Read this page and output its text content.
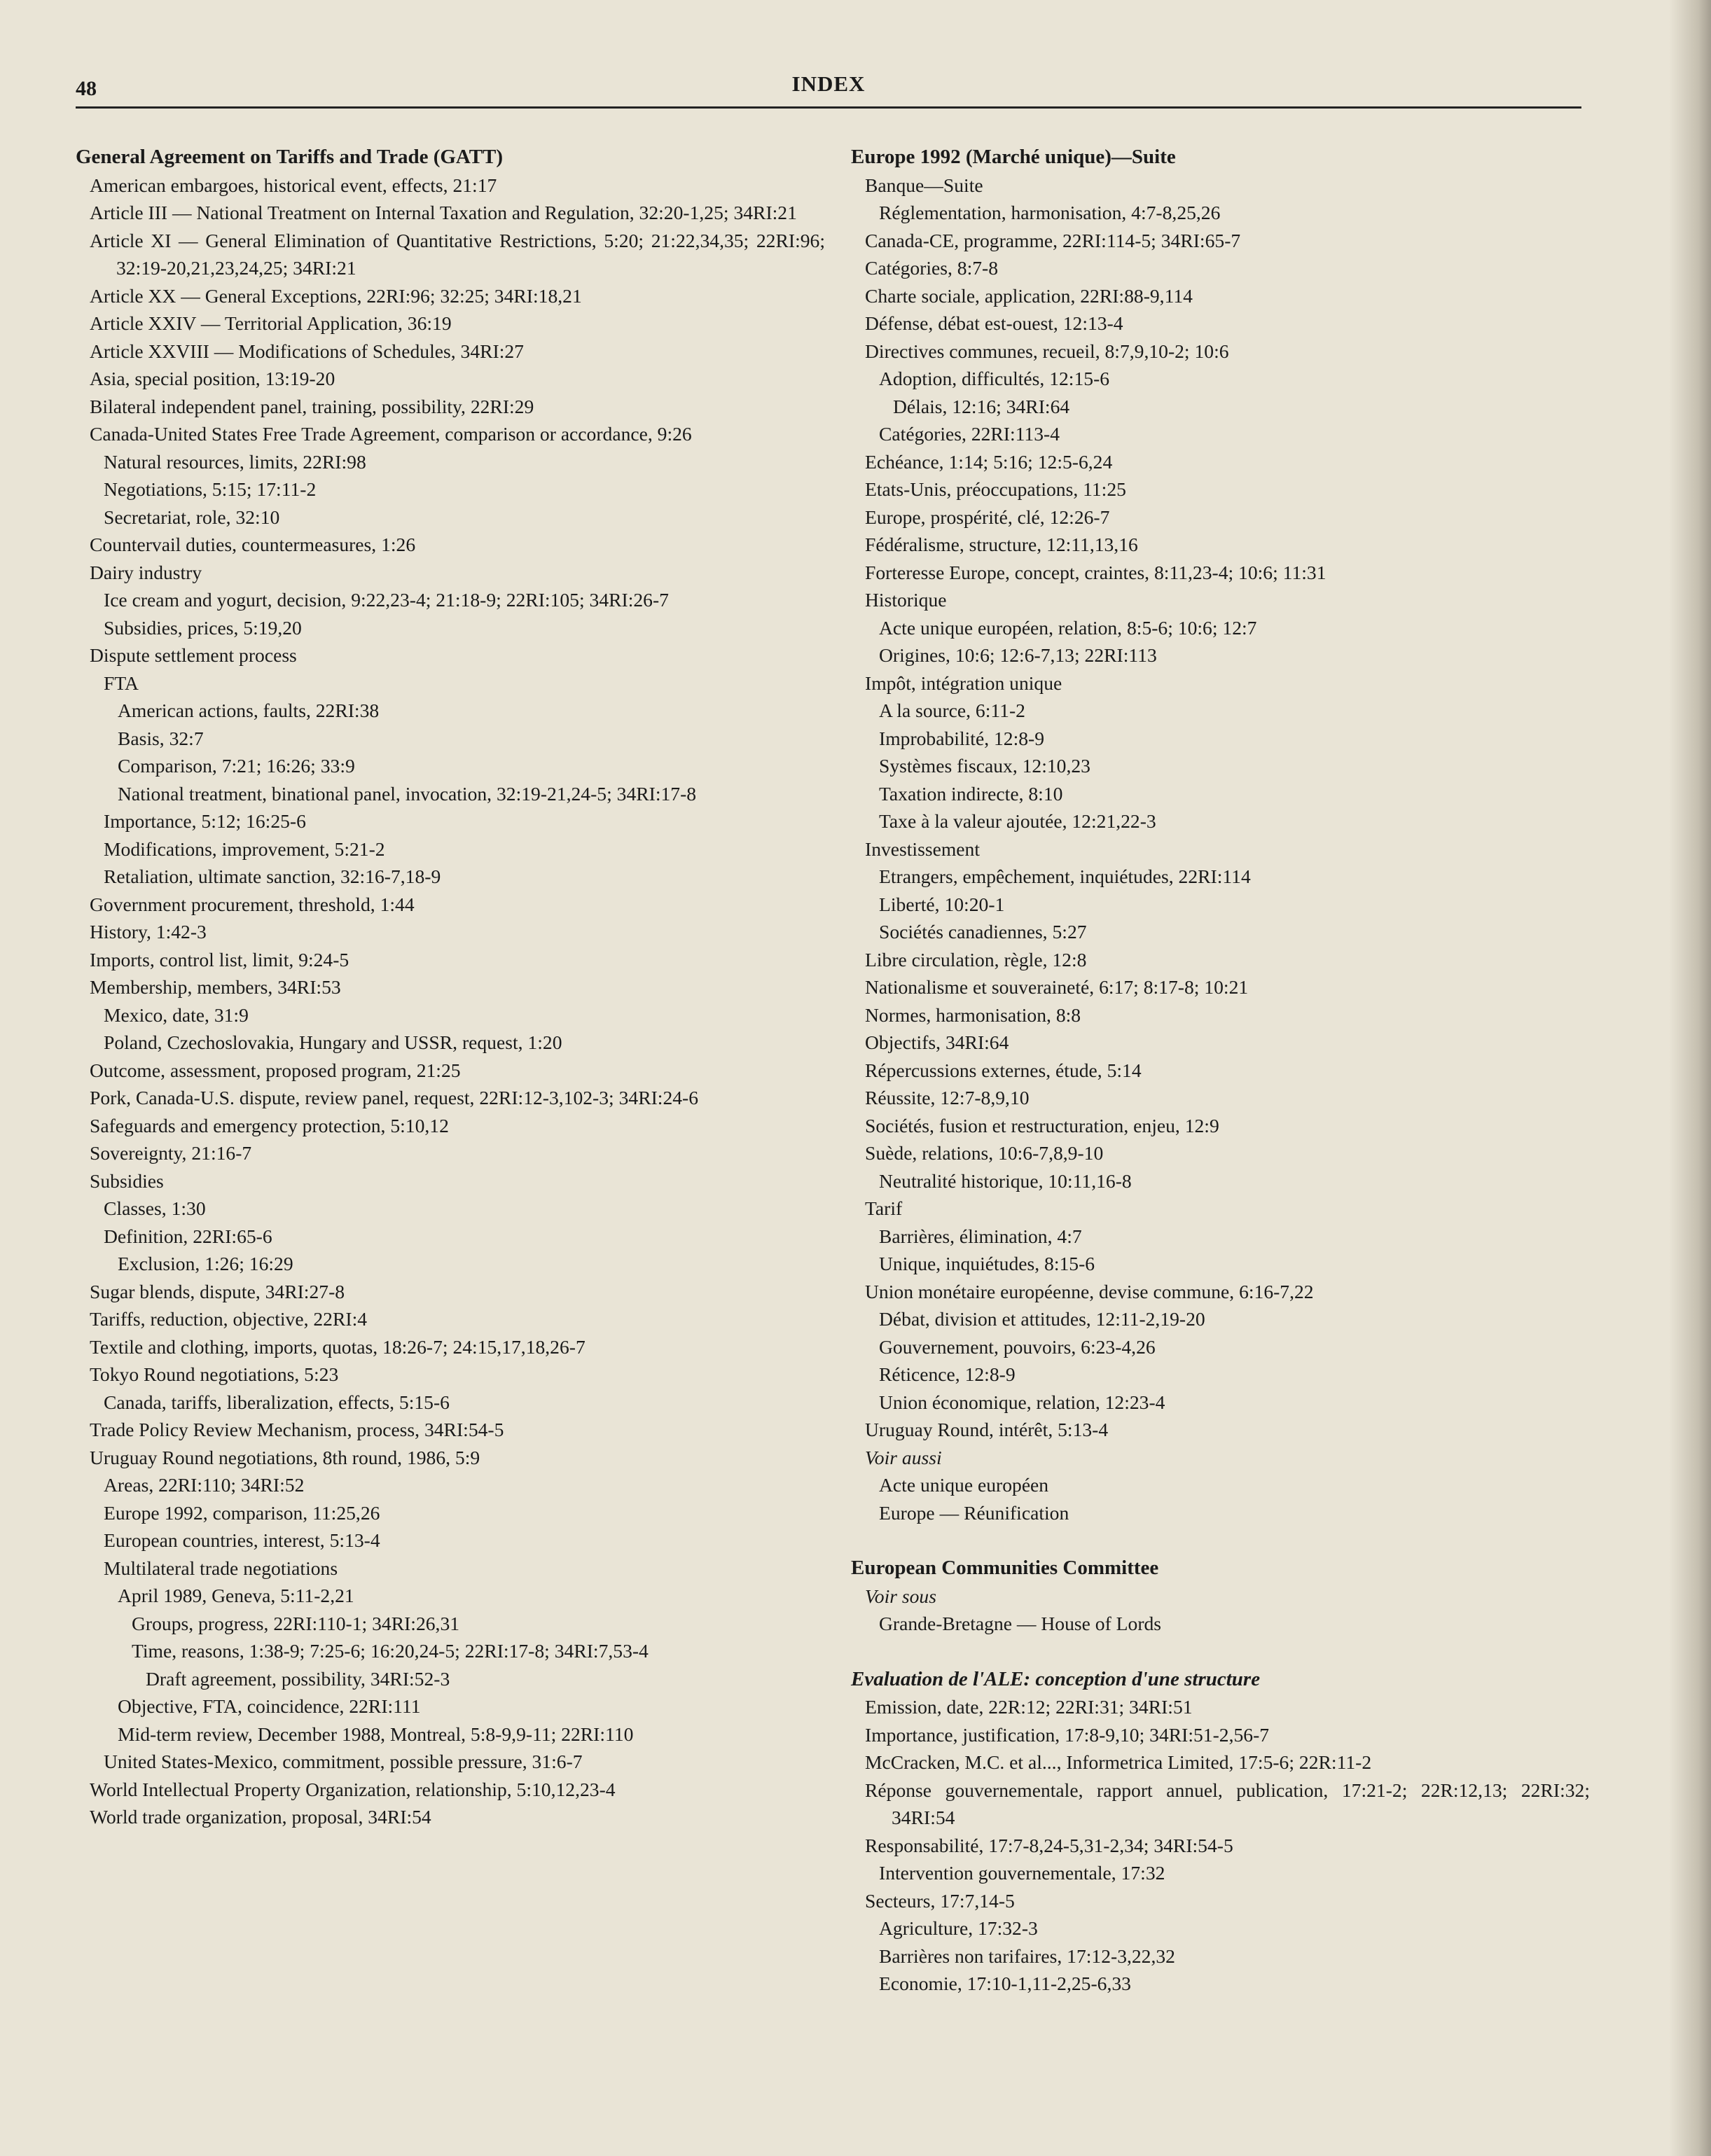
48	INDEX
General Agreement on Tariffs and Trade (GATT)
American embargoes, historical event, effects, 21:17
Article III — National Treatment on Internal Taxation and Regulation, 32:20-1,25; 34RI:21
Article XI — General Elimination of Quantitative Restrictions, 5:20; 21:22,34,35; 22RI:96; 32:19-20,21,23,24,25; 34RI:21
Article XX — General Exceptions, 22RI:96; 32:25; 34RI:18,21
Article XXIV — Territorial Application, 36:19
Article XXVIII — Modifications of Schedules, 34RI:27
Asia, special position, 13:19-20
Bilateral independent panel, training, possibility, 22RI:29
Canada-United States Free Trade Agreement, comparison or accordance, 9:26
Natural resources, limits, 22RI:98
Negotiations, 5:15; 17:11-2
Secretariat, role, 32:10
Countervail duties, countermeasures, 1:26
Dairy industry
Ice cream and yogurt, decision, 9:22,23-4; 21:18-9; 22RI:105; 34RI:26-7
Subsidies, prices, 5:19,20
Dispute settlement process
FTA
American actions, faults, 22RI:38
Basis, 32:7
Comparison, 7:21; 16:26; 33:9
National treatment, binational panel, invocation, 32:19-21,24-5; 34RI:17-8
Importance, 5:12; 16:25-6
Modifications, improvement, 5:21-2
Retaliation, ultimate sanction, 32:16-7,18-9
Government procurement, threshold, 1:44
History, 1:42-3
Imports, control list, limit, 9:24-5
Membership, members, 34RI:53
Mexico, date, 31:9
Poland, Czechoslovakia, Hungary and USSR, request, 1:20
Outcome, assessment, proposed program, 21:25
Pork, Canada-U.S. dispute, review panel, request, 22RI:12-3,102-3; 34RI:24-6
Safeguards and emergency protection, 5:10,12
Sovereignty, 21:16-7
Subsidies
Classes, 1:30
Definition, 22RI:65-6
Exclusion, 1:26; 16:29
Sugar blends, dispute, 34RI:27-8
Tariffs, reduction, objective, 22RI:4
Textile and clothing, imports, quotas, 18:26-7; 24:15,17,18,26-7
Tokyo Round negotiations, 5:23
Canada, tariffs, liberalization, effects, 5:15-6
Trade Policy Review Mechanism, process, 34RI:54-5
Uruguay Round negotiations, 8th round, 1986, 5:9
Areas, 22RI:110; 34RI:52
Europe 1992, comparison, 11:25,26
European countries, interest, 5:13-4
Multilateral trade negotiations
April 1989, Geneva, 5:11-2,21
Groups, progress, 22RI:110-1; 34RI:26,31
Time, reasons, 1:38-9; 7:25-6; 16:20,24-5; 22RI:17-8; 34RI:7,53-4
Draft agreement, possibility, 34RI:52-3
Objective, FTA, coincidence, 22RI:111
Mid-term review, December 1988, Montreal, 5:8-9,9-11; 22RI:110
United States-Mexico, commitment, possible pressure, 31:6-7
World Intellectual Property Organization, relationship, 5:10,12,23-4
World trade organization, proposal, 34RI:54
Europe 1992 (Marché unique)—Suite
Banque—Suite
Réglementation, harmonisation, 4:7-8,25,26
Canada-CE, programme, 22RI:114-5; 34RI:65-7
Catégories, 8:7-8
Charte sociale, application, 22RI:88-9,114
Défense, débat est-ouest, 12:13-4
Directives communes, recueil, 8:7,9,10-2; 10:6
Adoption, difficultés, 12:15-6
Délais, 12:16; 34RI:64
Catégories, 22RI:113-4
Echéance, 1:14; 5:16; 12:5-6,24
Etats-Unis, préoccupations, 11:25
Europe, prospérité, clé, 12:26-7
Fédéralisme, structure, 12:11,13,16
Forteresse Europe, concept, craintes, 8:11,23-4; 10:6; 11:31
Historique
Acte unique européen, relation, 8:5-6; 10:6; 12:7
Origines, 10:6; 12:6-7,13; 22RI:113
Impôt, intégration unique
A la source, 6:11-2
Improbabilité, 12:8-9
Systèmes fiscaux, 12:10,23
Taxation indirecte, 8:10
Taxe à la valeur ajoutée, 12:21,22-3
Investissement
Etrangers, empêchement, inquiétudes, 22RI:114
Liberté, 10:20-1
Sociétés canadiennes, 5:27
Libre circulation, règle, 12:8
Nationalisme et souveraineté, 6:17; 8:17-8; 10:21
Normes, harmonisation, 8:8
Objectifs, 34RI:64
Répercussions externes, étude, 5:14
Réussite, 12:7-8,9,10
Sociétés, fusion et restructuration, enjeu, 12:9
Suède, relations, 10:6-7,8,9-10
Neutralité historique, 10:11,16-8
Tarif
Barrières, élimination, 4:7
Unique, inquiétudes, 8:15-6
Union monétaire européenne, devise commune, 6:16-7,22
Débat, division et attitudes, 12:11-2,19-20
Gouvernement, pouvoirs, 6:23-4,26
Réticence, 12:8-9
Union économique, relation, 12:23-4
Uruguay Round, intérêt, 5:13-4
Voir aussi
Acte unique européen
Europe — Réunification
European Communities Committee
Voir sous
Grande-Bretagne — House of Lords
Evaluation de l'ALE: conception d'une structure
Emission, date, 22R:12; 22RI:31; 34RI:51
Importance, justification, 17:8-9,10; 34RI:51-2,56-7
McCracken, M.C. et al..., Informetrica Limited, 17:5-6; 22R:11-2
Réponse gouvernementale, rapport annuel, publication, 17:21-2; 22R:12,13; 22RI:32; 34RI:54
Responsabilité, 17:7-8,24-5,31-2,34; 34RI:54-5
Intervention gouvernementale, 17:32
Secteurs, 17:7,14-5
Agriculture, 17:32-3
Barrières non tarifaires, 17:12-3,22,32
Economie, 17:10-1,11-2,25-6,33
